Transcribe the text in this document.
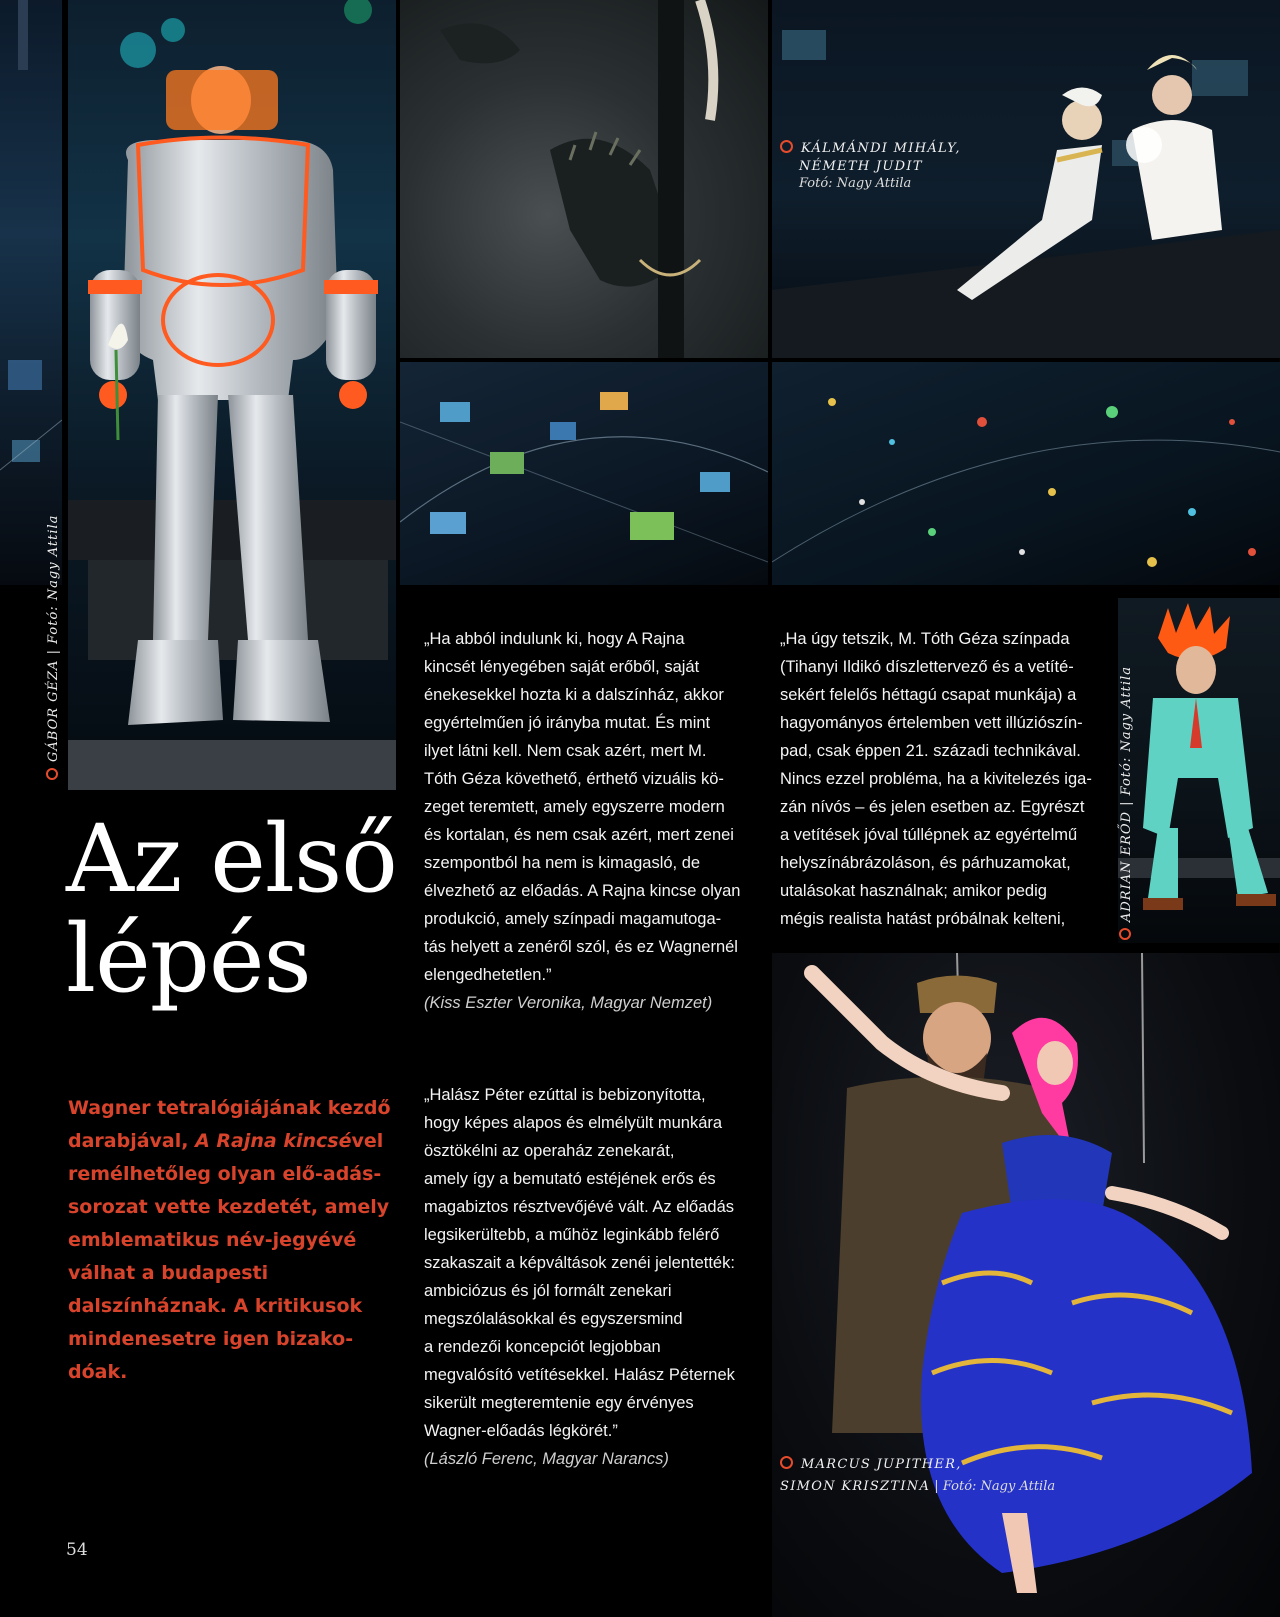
KÁLMÁNDI MIHÁLY,
NÉMETH JUDIT
Fotó: Nagy Attila
GÁBOR GÉZA | Fotó: Nagy Attila
ADRIAN ERŐD | Fotó: Nagy Attila
MARCUS JUPITHER,
SIMON KRISZTINA | Fotó: Nagy Attila
Az első
lépés
Wagner tetralógiájának kezdő darabjával, A Rajna kincsével remélhetőleg olyan elő-adás-sorozat vette kezdetét, amely emblematikus név-jegyévé válhat a budapesti dalszínháznak. A kritikusok mindenesetre igen bizako-dóak.
„Ha abból indulunk ki, hogy A Rajna
kincsét lényegében saját erőből, saját
énekesekkel hozta ki a dalszínház, akkor
egyértelműen jó irányba mutat. És mint
ilyet látni kell. Nem csak azért, mert M.
Tóth Géza követhető, érthető vizuális kö-
zeget teremtett, amely egyszerre modern
és kortalan, és nem csak azért, mert zenei
szempontból ha nem is kimagasló, de
élvezhető az előadás. A Rajna kincse olyan
produkció, amely színpadi magamutoga-
tás helyett a zenéről szól, és ez Wagnernél
elengedhetetlen.”
(Kiss Eszter Veronika, Magyar Nemzet)
„Halász Péter ezúttal is bebizonyította,
hogy képes alapos és elmélyült munkára
ösztökélni az operaház zenekarát,
amely így a bemutató estéjének erős és
magabiztos résztvevőjévé vált. Az előadás
legsikerültebb, a műhöz leginkább felérő
szakaszait a képváltások zenéi jelentették:
ambiciózus és jól formált zenekari
megszólalásokkal és egyszersmind
a rendezői koncepciót legjobban
megvalósító vetítésekkel. Halász Péternek
sikerült megteremtenie egy érvényes
Wagner-előadás légkörét.”
(László Ferenc, Magyar Narancs)
„Ha úgy tetszik, M. Tóth Géza színpada
(Tihanyi Ildikó díszlettervező és a vetíté-
sekért felelős héttagú csapat munkája) a
hagyományos értelemben vett illúziószín-
pad, csak éppen 21. századi technikával.
Nincs ezzel probléma, ha a kivitelezés iga-
zán nívós – és jelen esetben az. Egyrészt
a vetítések jóval túllépnek az egyértelmű
helyszínábrázoláson, és párhuzamokat,
utalásokat használnak; amikor pedig
mégis realista hatást próbálnak kelteni,
54
